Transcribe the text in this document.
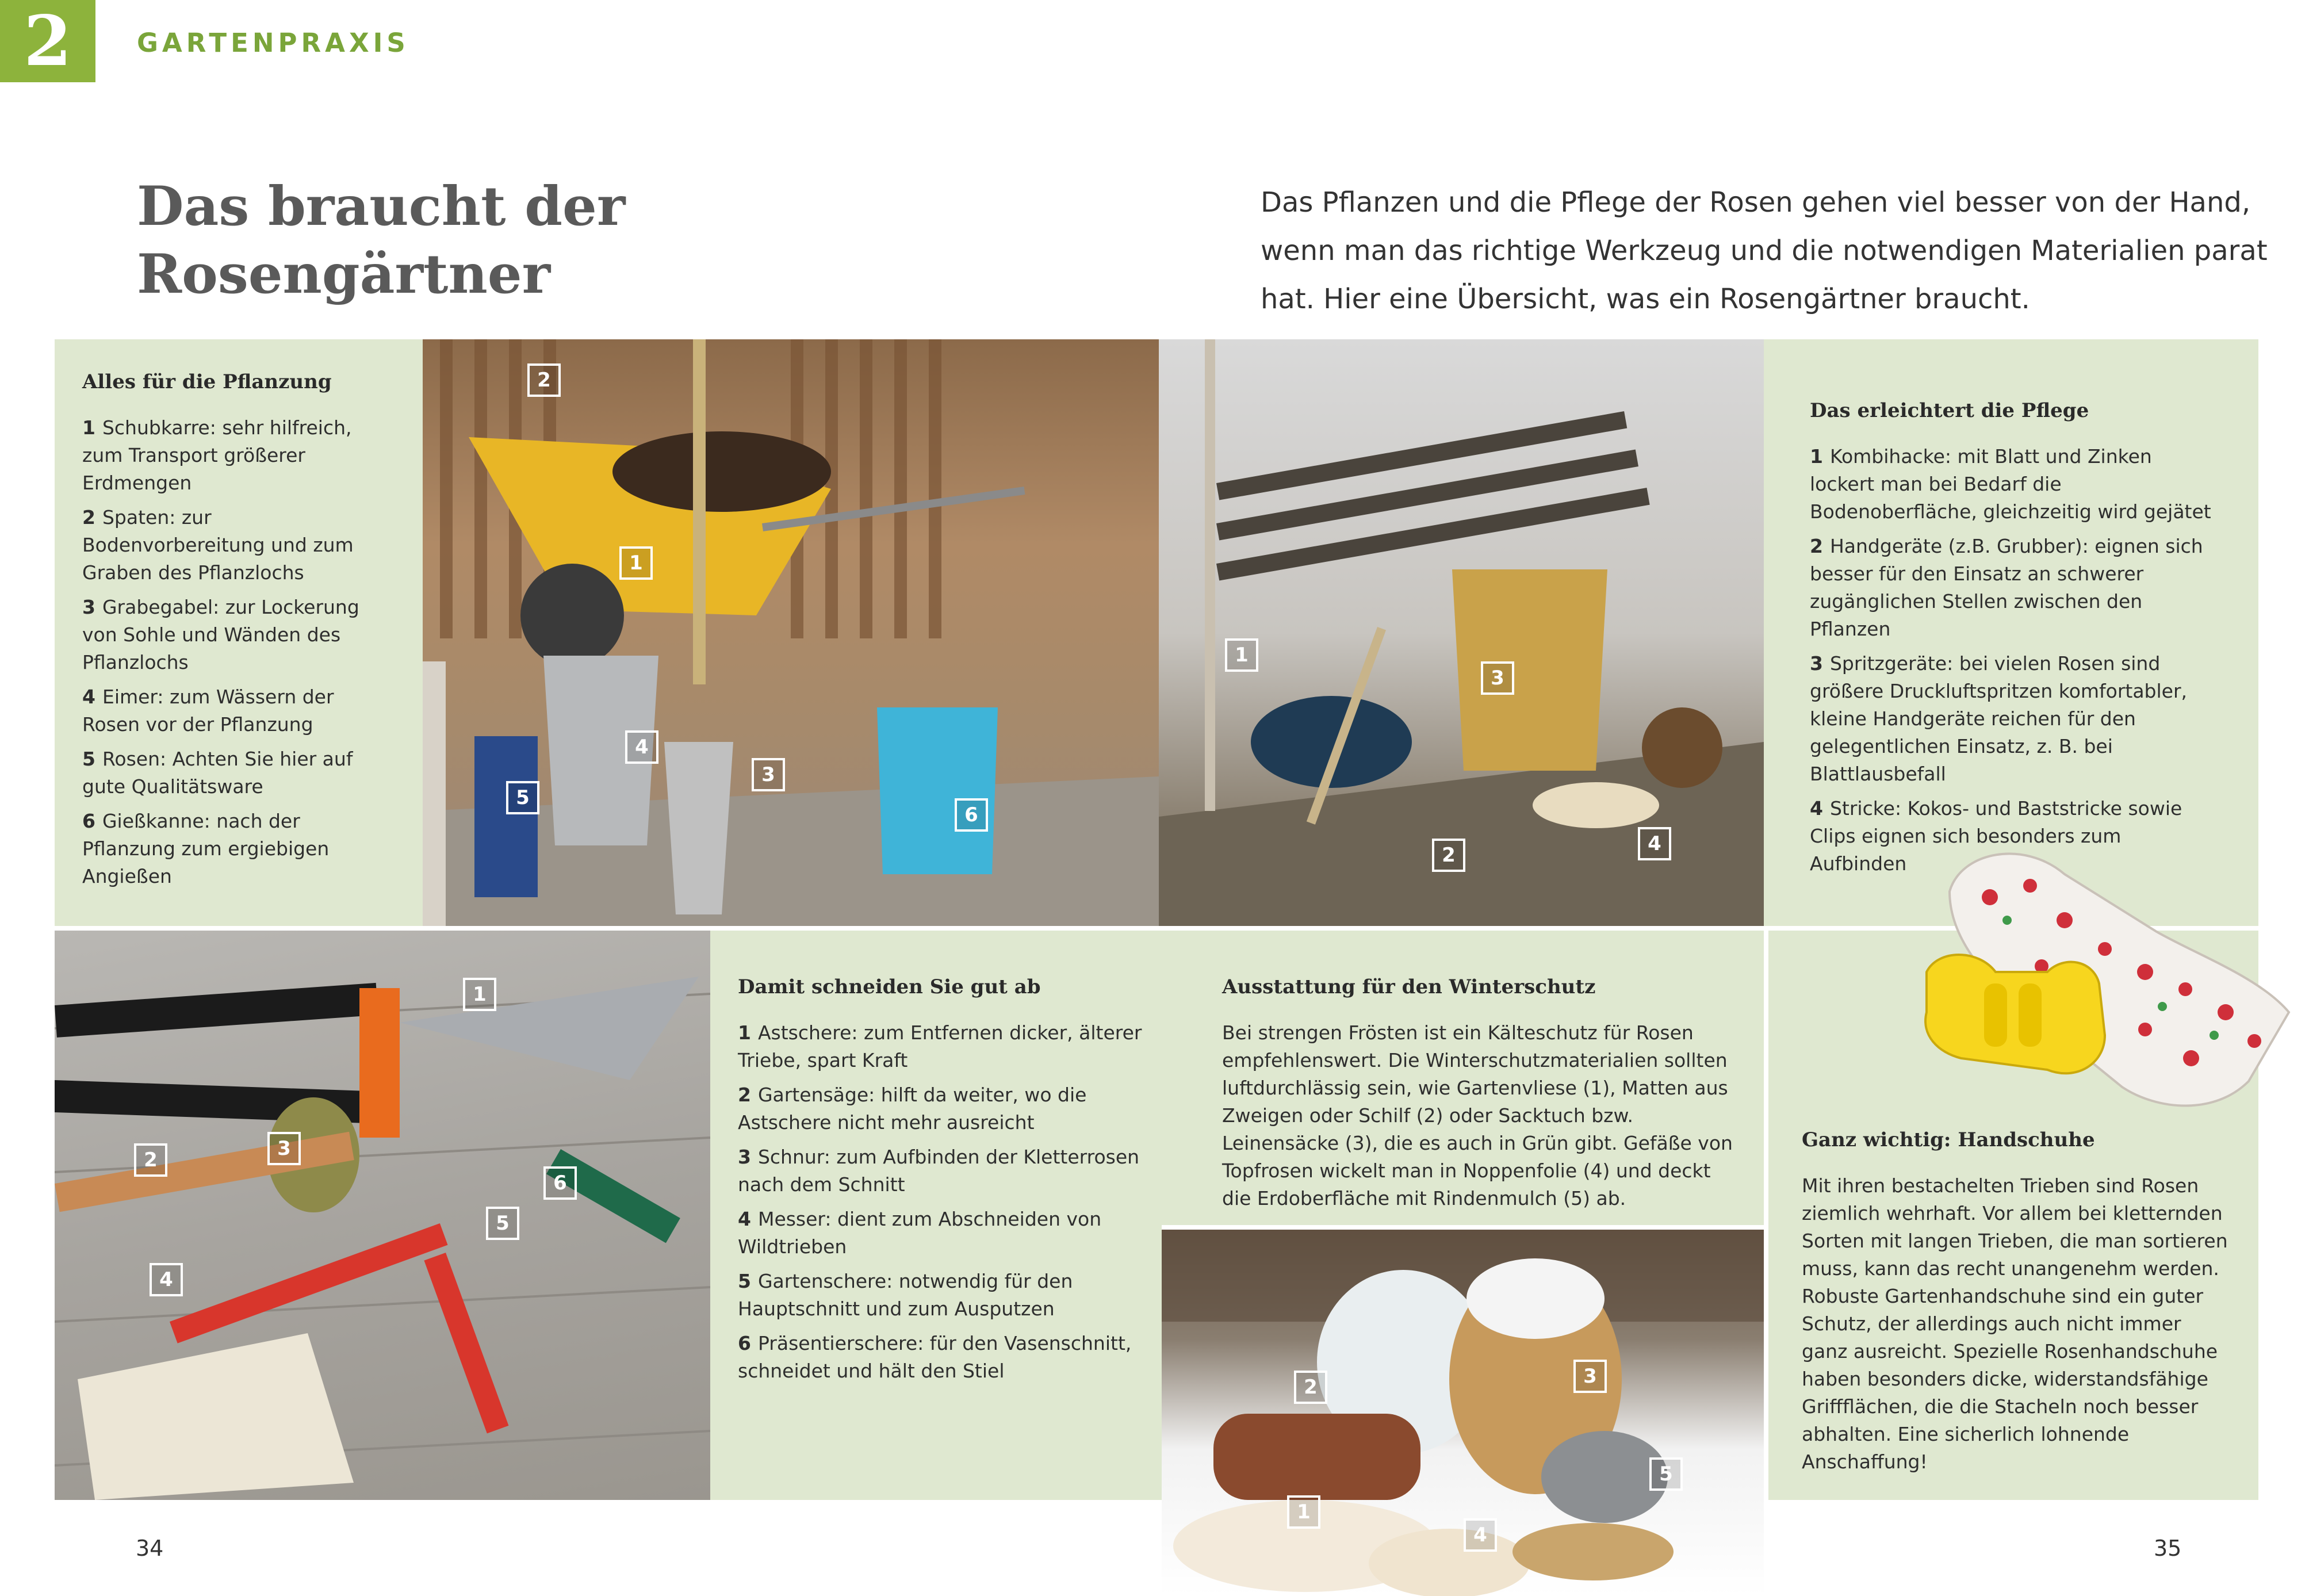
2	GARTENPRAXIS
Das braucht der
Rosengärtner
Das Pflanzen und die Pflege der Rosen gehen viel besser von der Hand, wenn man das richtige Werkzeug und die notwendigen Materialien parat hat. Hier eine Übersicht, was ein Rosengärtner braucht.
Alles für die Pflanzung

1 Schubkarre: sehr hilfreich, zum Transport größerer Erdmengen

2 Spaten: zur Bodenvorbereitung und zum Graben des Pflanzlochs

3 Grabegabel: zur Lockerung von Sohle und Wänden des Pflanzlochs

4 Eimer: zum Wässern der Rosen vor der Pflanzung

5 Rosen: Achten Sie hier auf gute Qualitätsware

6 Gießkanne: nach der Pflanzung zum ergiebigen Angießen

2
1
4
3
5
6
1
3
2	4
Das erleichtert die Pflege

1 Kombihacke: mit Blatt und Zinken lockert man bei Bedarf die Bodenoberfläche, gleichzeitig wird gejätet

2 Handgeräte (z.B. Grubber): eignen sich besser für den Einsatz an schwerer zugänglichen Stellen zwischen den Pflanzen

3 Spritzgeräte: bei vielen Rosen sind größere Druckluftspritzen komfortabler, kleine Handgeräte reichen für den gelegentlichen Einsatz, z. B. bei Blattlausbefall

4 Stricke: Kokos- und Baststricke sowie Clips eignen sich besonders zum Aufbinden

1
3
2
6
5
4
Damit schneiden Sie gut ab

1 Astschere: zum Entfernen dicker, älterer Triebe, spart Kraft

2 Gartensäge: hilft da weiter, wo die Astschere nicht mehr ausreicht

3 Schnur: zum Aufbinden der Kletterrosen nach dem Schnitt

4 Messer: dient zum Abschneiden von Wildtrieben

5 Gartenschere: notwendig für den Hauptschnitt und zum Ausputzen

6 Präsentierschere: für den Vasenschnitt, schneidet und hält den Stiel

Ausstattung für den Winterschutz

Bei strengen Frösten ist ein Kälteschutz für Rosen empfehlenswert. Die Winterschutzmaterialien sollten luftdurchlässig sein, wie Gartenvliese (1), Matten aus Zweigen oder Schilf (2) oder Sacktuch bzw. Leinensäcke (3), die es auch in Grün gibt. Gefäße von Topfrosen wickelt man in Noppenfolie (4) und deckt die Erdoberfläche mit Rindenmulch (5) ab.

2	3
5
1
4
Ganz wichtig: Handschuhe

Mit ihren bestachelten Trieben sind Rosen ziemlich wehrhaft. Vor allem bei kletternden Sorten mit langen Trieben, die man sortieren muss, kann das recht unangenehm werden. Robuste Gartenhandschuhe sind ein guter Schutz, der allerdings auch nicht immer ganz ausreicht. Spezielle Rosenhandschuhe haben besonders dicke, widerstandsfähige Griffflächen, die die Stacheln noch besser abhalten. Eine sicherlich lohnende Anschaffung!

34	35
